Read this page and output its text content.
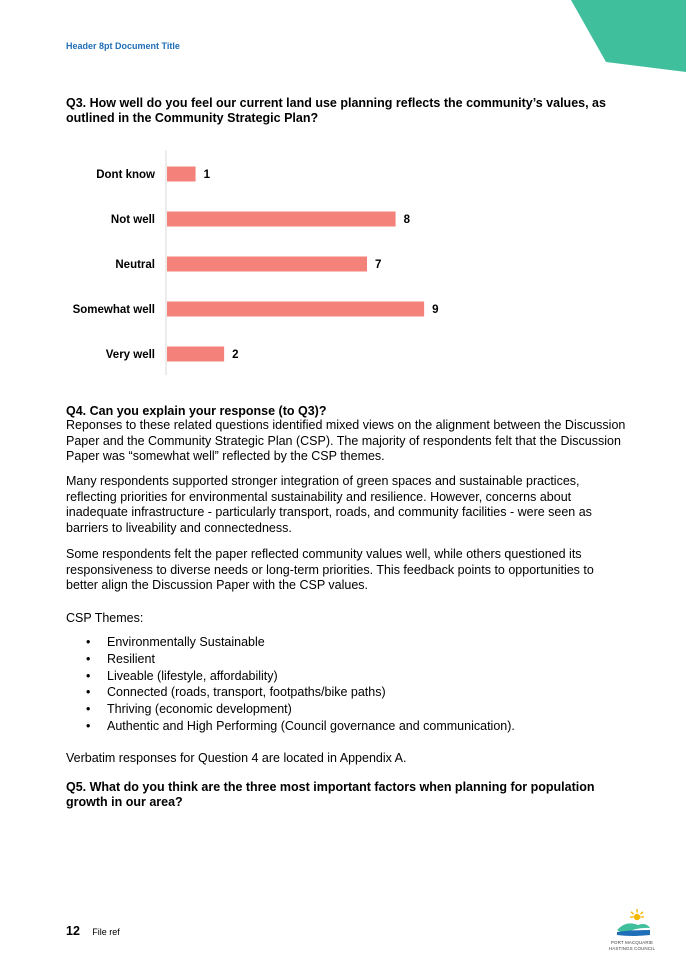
Header 8pt Document Title
Q3. How well do you feel our current land use planning reflects the community’s values, as outlined in the Community Strategic Plan?
Dont know	1
Not well	8
Neutral	7
Somewhat well	9
Very well	2
Q4. Can you explain your response (to Q3)?

Reponses to these related questions identified mixed views on the alignment between the Discussion Paper and the Community Strategic Plan (CSP). The majority of respondents felt that the Discussion Paper was “somewhat well” reflected by the CSP themes.

Many respondents supported stronger integration of green spaces and sustainable practices, reflecting priorities for environmental sustainability and resilience. However, concerns about inadequate infrastructure - particularly transport, roads, and community facilities - were seen as barriers to liveability and connectedness.

Some respondents felt the paper reflected community values well, while others questioned its responsiveness to diverse needs or long-term priorities. This feedback points to opportunities to better align the Discussion Paper with the CSP values.

CSP Themes:

• Environmentally Sustainable
• Resilient
• Liveable (lifestyle, affordability)
• Connected (roads, transport, footpaths/bike paths)
• Thriving (economic development)
• Authentic and High Performing (Council governance and communication).

Verbatim responses for Question 4 are located in Appendix A.

Q5. What do you think are the three most important factors when planning for population growth in our area?
12 File ref
PORT MACQUARIE
HASTINGS COUNCIL
